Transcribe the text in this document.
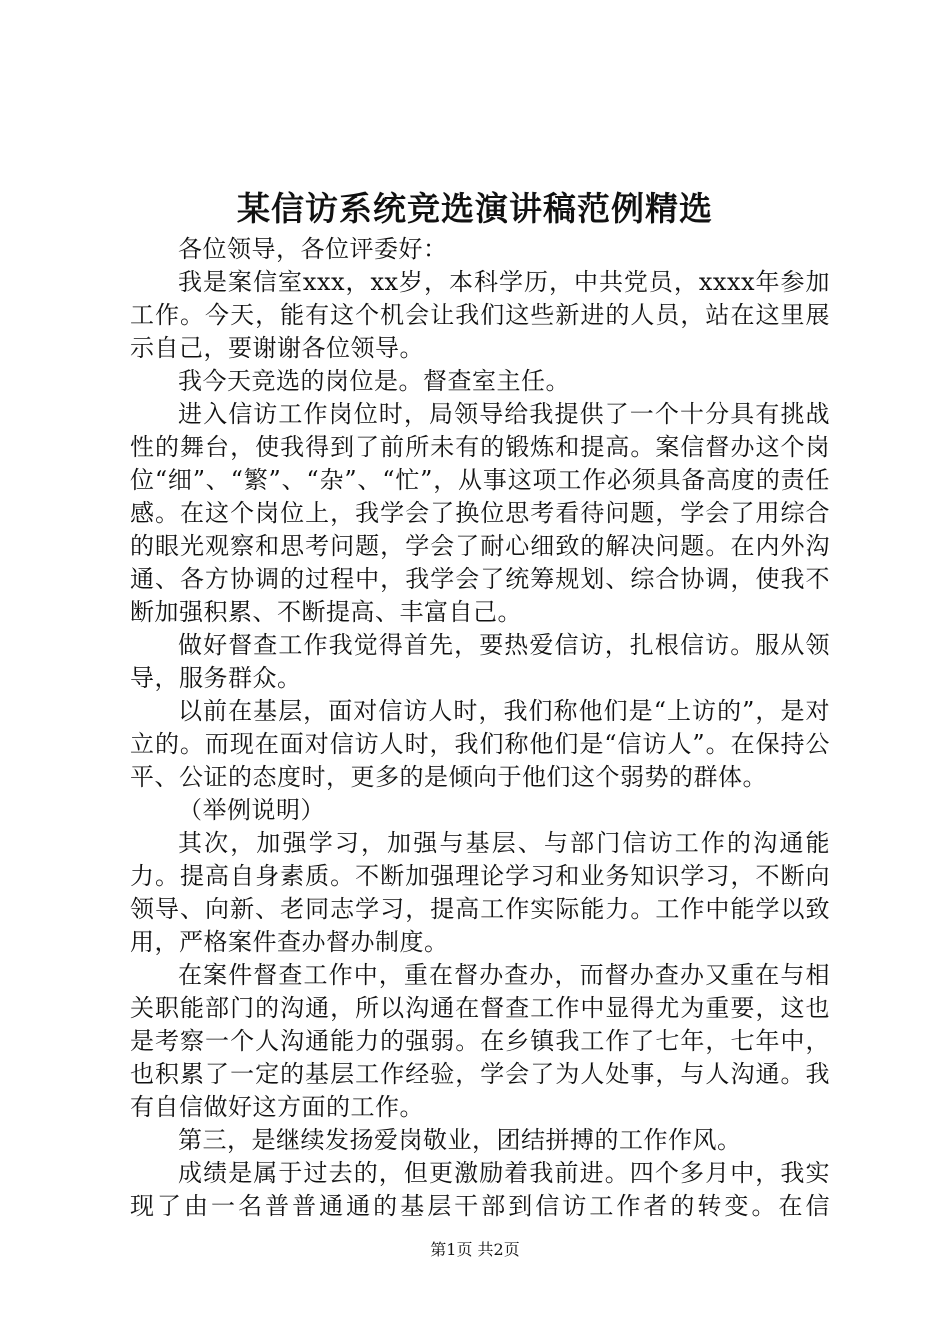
某信访系统竞选演讲稿范例精选

各位领导，各位评委好：

我是案信室xxx，xx岁，本科学历，中共党员，xxxx年参加工作。今天，能有这个机会让我们这些新进的人员，站在这里展示自己，要谢谢各位领导。

我今天竞选的岗位是。督查室主任。

进入信访工作岗位时，局领导给我提供了一个十分具有挑战性的舞台，使我得到了前所未有的锻炼和提高。案信督办这个岗位“细”、“繁”、“杂”、“忙”，从事这项工作必须具备高度的责任感。在这个岗位上，我学会了换位思考看待问题，学会了用综合的眼光观察和思考问题，学会了耐心细致的解决问题。在内外沟通、各方协调的过程中，我学会了统筹规划、综合协调，使我不断加强积累、不断提高、丰富自己。

做好督查工作我觉得首先，要热爱信访，扎根信访。服从领导，服务群众。

以前在基层，面对信访人时，我们称他们是“上访的”，是对立的。而现在面对信访人时，我们称他们是“信访人”。在保持公平、公证的态度时，更多的是倾向于他们这个弱势的群体。

（举例说明）

其次，加强学习，加强与基层、与部门信访工作的沟通能力。提高自身素质。不断加强理论学习和业务知识学习，不断向领导、向新、老同志学习，提高工作实际能力。工作中能学以致用，严格案件查办督办制度。

在案件督查工作中，重在督办查办，而督办查办又重在与相关职能部门的沟通，所以沟通在督查工作中显得尤为重要，这也是考察一个人沟通能力的强弱。在乡镇我工作了七年，七年中，也积累了一定的基层工作经验，学会了为人处事，与人沟通。我有自信做好这方面的工作。

第三，是继续发扬爱岗敬业，团结拼搏的工作作风。

成绩是属于过去的，但更激励着我前进。四个多月中，我实现了由一名普普通通的基层干部到信访工作者的转变。在信

第1页 共2页
